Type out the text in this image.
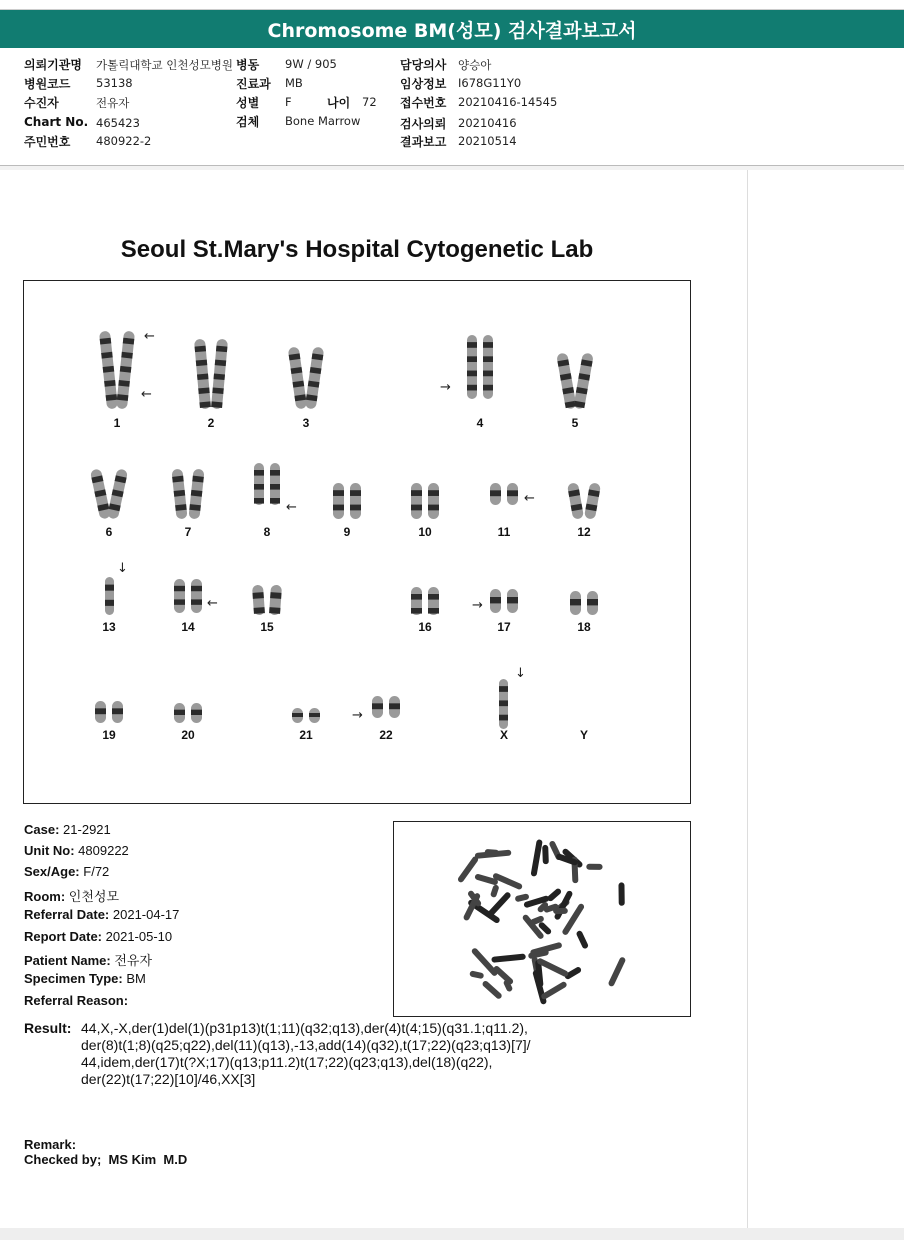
Chromosome BM(성모) 검사결과보고서
의뢰기관명 가톨릭대학교 인천성모병원
병원코드 53138
수진자	전유자
Chart No. 465423
주민번호 480922-2
병동 9W / 905
진료과 MB
성별 F	나이 72
검체 Bone Marrow
담당의사 양승아
임상정보 I678G11Y0
접수번호 20210416-14545
검사의뢰 20210416
결과보고 20210514
Seoul St.Mary's Hospital Cytogenetic Lab
1	2	3	4	5
6	7	8	9	10	11	12
13	14	15	16	17	18
19	20	21	22	X	Y
←
←	→
←
←
↓
←	→
→
↓
Case: 21-2921
Unit No: 4809222
Sex/Age: F/72
Room: 인천성모
Referral Date: 2021-04-17
Report Date: 2021-05-10
Patient Name: 전유자
Specimen Type: BM
Referral Reason:
Result: 44,X,-X,der(1)del(1)(p31p13)t(1;11)(q32;q13),der(4)t(4;15)(q31.1;q11.2),
der(8)t(1;8)(q25;q22),del(11)(q13),-13,add(14)(q32),t(17;22)(q23;q13)[7]/
44,idem,der(17)t(?X;17)(q13;p11.2)t(17;22)(q23;q13),del(18)(q22),
der(22)t(17;22)[10]/46,XX[3]
Remark:
Checked by;  MS Kim  M.D
